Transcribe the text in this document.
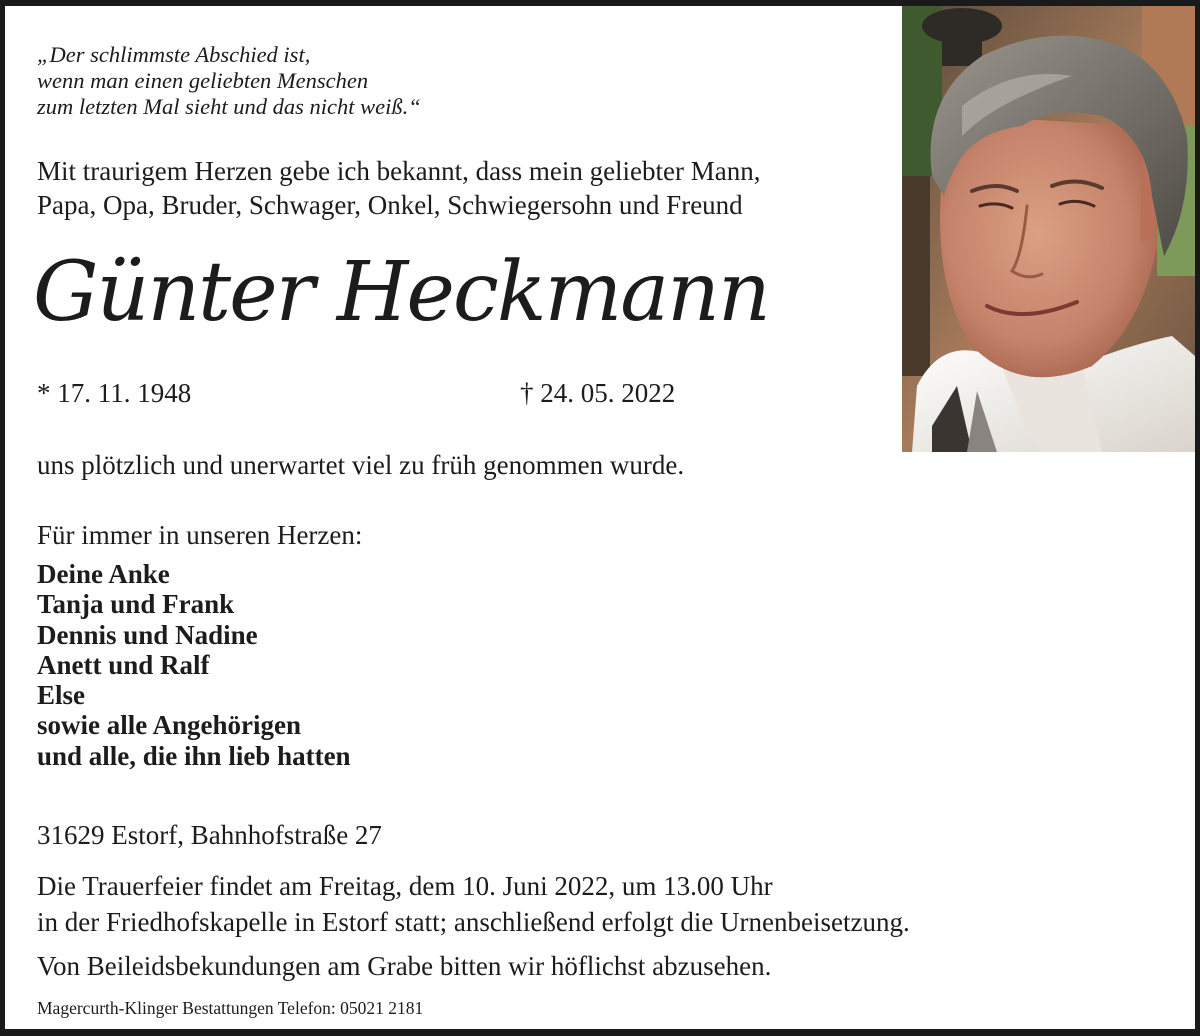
„Der schlimmste Abschied ist,
wenn man einen geliebten Menschen
zum letzten Mal sieht und das nicht weiß.“
Mit traurigem Herzen gebe ich bekannt, dass mein geliebter Mann,
Papa, Opa, Bruder, Schwager, Onkel, Schwiegersohn und Freund
Günter Heckmann
* 17. 11. 1948	† 24. 05. 2022
uns plötzlich und unerwartet viel zu früh genommen wurde.
Für immer in unseren Herzen:
Deine Anke
Tanja und Frank
Dennis und Nadine
Anett und Ralf
Else
sowie alle Angehörigen
und alle, die ihn lieb hatten
31629 Estorf, Bahnhofstraße 27
Die Trauerfeier findet am Freitag, dem 10. Juni 2022, um 13.00 Uhr
in der Friedhofskapelle in Estorf statt; anschließend erfolgt die Urnenbeisetzung.
Von Beileidsbekundungen am Grabe bitten wir höflichst abzusehen.
Magercurth-Klinger Bestattungen Telefon: 05021 2181
